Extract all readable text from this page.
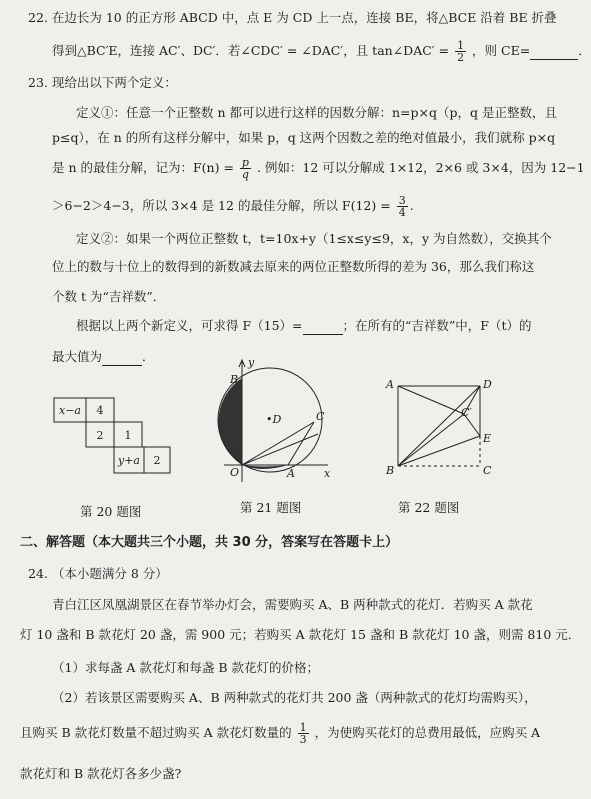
22. 在边长为 10 的正方形 ABCD 中，点 E 为 CD 上一点，连接 BE，将△BCE 沿着 BE 折叠
得到△BC′E，连接 AC′、DC′．若∠CDC′ = ∠DAC′，且 tan∠DAC′ = $\frac{1}{2}$ ，则 CE=	．
23. 现给出以下两个定义：
定义①：任意一个正整数 n 都可以进行这样的因数分解：n=p×q（p，q 是正整数，且
p≤q），在 n 的所有这样分解中，如果 p，q 这两个因数之差的绝对值最小，我们就称 p×q
是 n 的最佳分解，记为：$F(n) = \frac{p}{q}$ . 例如：12 可以分解成 1×12，2×6 或 3×4，因为 12−1
＞6−2＞4−3，所以 3×4 是 12 的最佳分解，所以 $F(12) = \frac{3}{4}$ .
定义②：如果一个两位正整数 t，t=10x+y（1≤x≤y≤9，x，y 为自然数），交换其个
位上的数与十位上的数得到的新数减去原来的两位正整数所得的差为 36，那么我们称这
个数 t 为“吉祥数”．
根据以上两个新定义，可求得 F（15）=	；在所有的“吉祥数”中，F（t）的
最大值为	．
x−a 4
2 1
y+a 2
第 20 题图
B
y
•D	C
O	A	x
第 21 题图
A	D
C′
E
B	C
第 22 题图
二、解答题（本大题共三个小题，共 30 分，答案写在答题卡上）
24. （本小题满分 8 分）
青白江区凤凰湖景区在春节举办灯会，需要购买 A、B 两种款式的花灯．若购买 A 款花
灯 10 盏和 B 款花灯 20 盏，需 900 元；若购买 A 款花灯 15 盏和 B 款花灯 10 盏，则需 810 元．
（1）求每盏 A 款花灯和每盏 B 款花灯的价格；
（2）若该景区需要购买 A、B 两种款式的花灯共 200 盏（两种款式的花灯均需购买），
且购买 B 款花灯数量不超过购买 A 款花灯数量的 $\frac{1}{3}$ ，为使购买花灯的总费用最低，应购买 A
款花灯和 B 款花灯各多少盏?
